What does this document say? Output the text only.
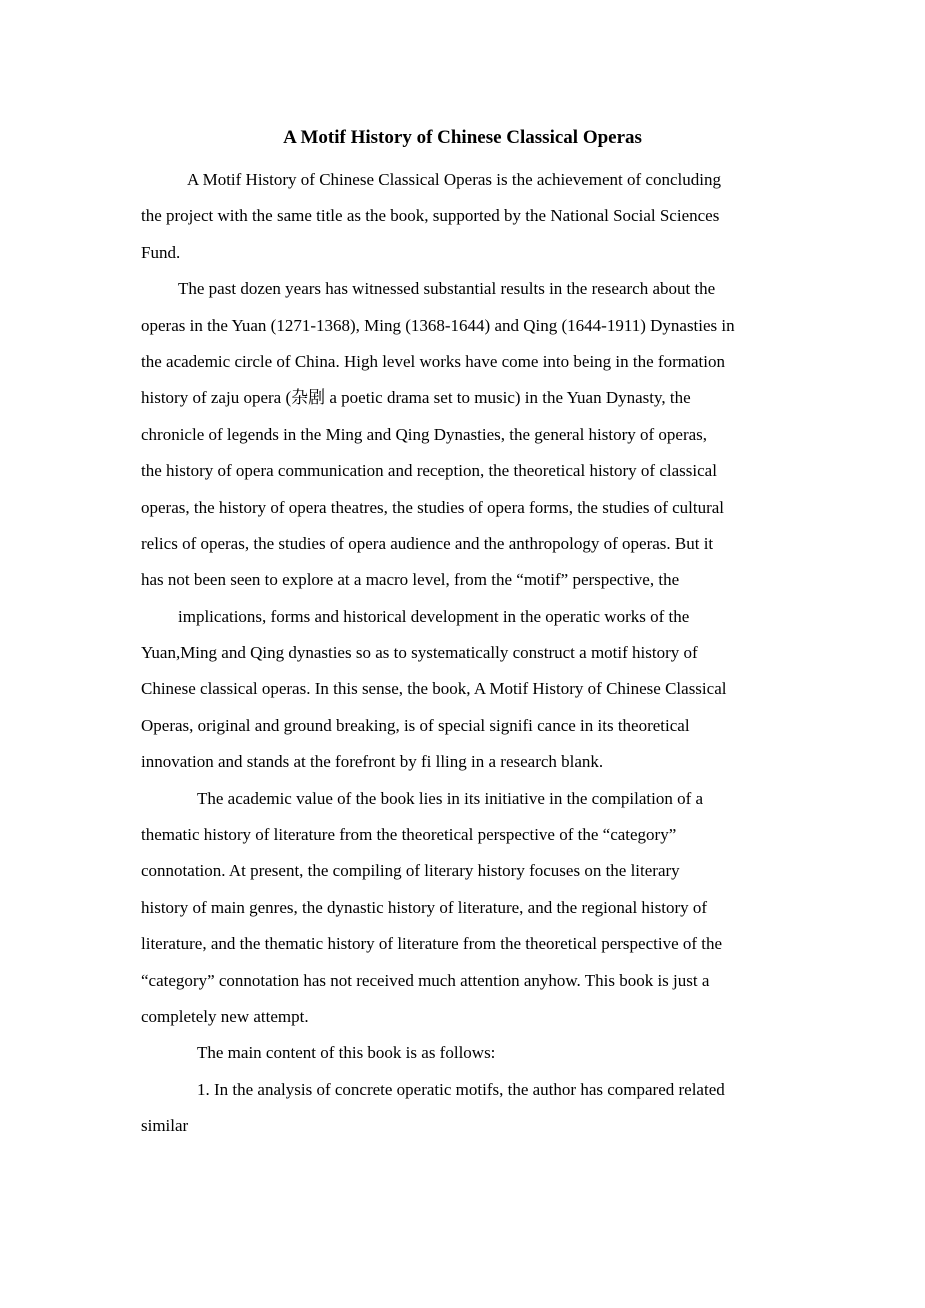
A Motif History of Chinese Classical Operas
A Motif History of Chinese Classical Operas is the achievement of concluding
the project with the same title as the book, supported by the National Social Sciences
Fund.
The past dozen years has witnessed substantial results in the research about the
operas in the Yuan (1271-1368), Ming (1368-1644) and Qing (1644-1911) Dynasties in
the academic circle of China. High level works have come into being in the formation
history of zaju opera (杂剧 a poetic drama set to music) in the Yuan Dynasty, the
chronicle of legends in the Ming and Qing Dynasties, the general history of operas,
the history of opera communication and reception, the theoretical history of classical
operas, the history of opera theatres, the studies of opera forms, the studies of cultural
relics of operas, the studies of opera audience and the anthropology of operas. But it
has not been seen to explore at a macro level, from the “motif” perspective, the
implications, forms and historical development in the operatic works of the
Yuan,Ming and Qing dynasties so as to systematically construct a motif history of
Chinese classical operas. In this sense, the book, A Motif History of Chinese Classical
Operas, original and ground breaking, is of special signifi cance in its theoretical
innovation and stands at the forefront by fi lling in a research blank.
The academic value of the book lies in its initiative in the compilation of a
thematic history of literature from the theoretical perspective of the “category”
connotation. At present, the compiling of literary history focuses on the literary
history of main genres, the dynastic history of literature, and the regional history of
literature, and the thematic history of literature from the theoretical perspective of the
“category” connotation has not received much attention anyhow. This book is just a
completely new attempt.
The main content of this book is as follows:
1. In the analysis of concrete operatic motifs, the author has compared related
similar
